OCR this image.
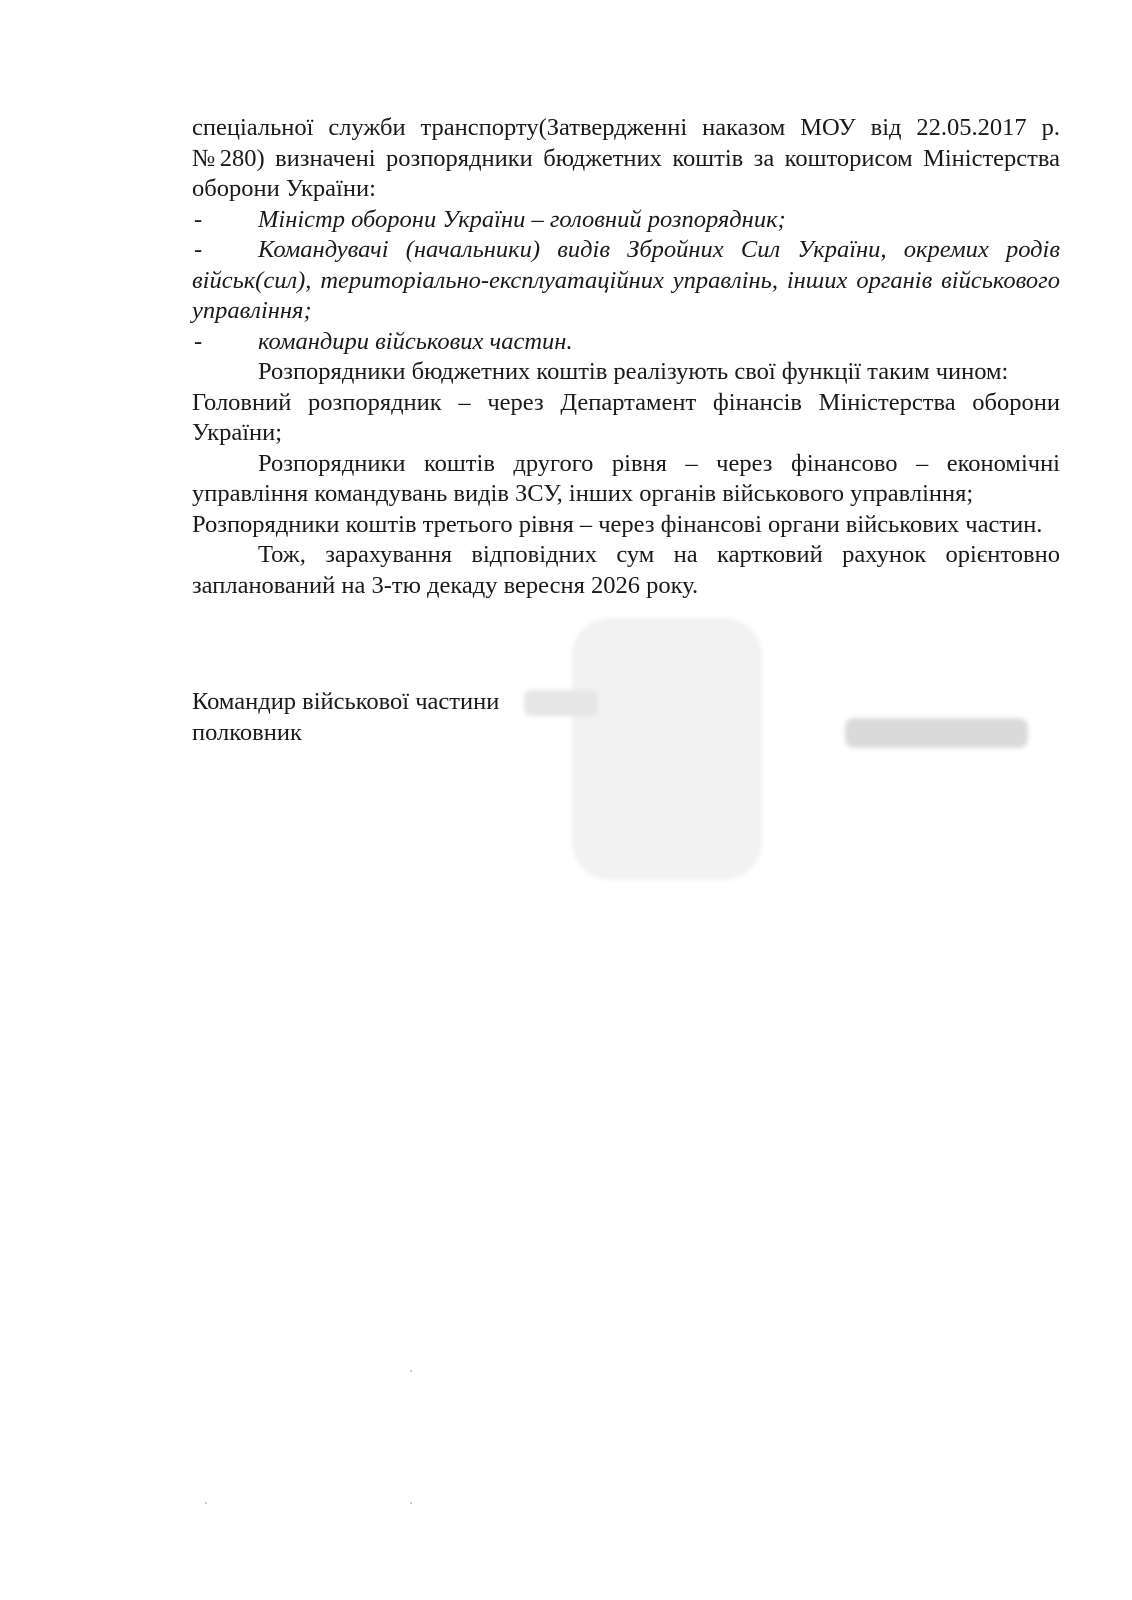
спеціальної служби транспорту(Затвердженні наказом МОУ від 22.05.2017 р. №280) визначені розпорядники бюджетних коштів за кошторисом Міністерства оборони України:

- Міністр оборони України – головний розпорядник;

- Командувачі (начальники) видів Збройних Сил України, окремих родів військ(сил), територіально-експлуатаційних управлінь, інших органів військового управління;

- командири військових частин.

Розпорядники бюджетних коштів реалізують свої функції таким чином:

Головний розпорядник – через Департамент фінансів Міністерства оборони України;

Розпорядники коштів другого рівня – через фінансово – економічні управління командувань видів ЗСУ, інших органів військового управління;

Розпорядники коштів третього рівня – через фінансові органи військових частин.

Тож, зарахування відповідних сум на картковий рахунок орієнтовно запланований на 3-тю декаду вересня 2026 року.

Командир військової частини
полковник
